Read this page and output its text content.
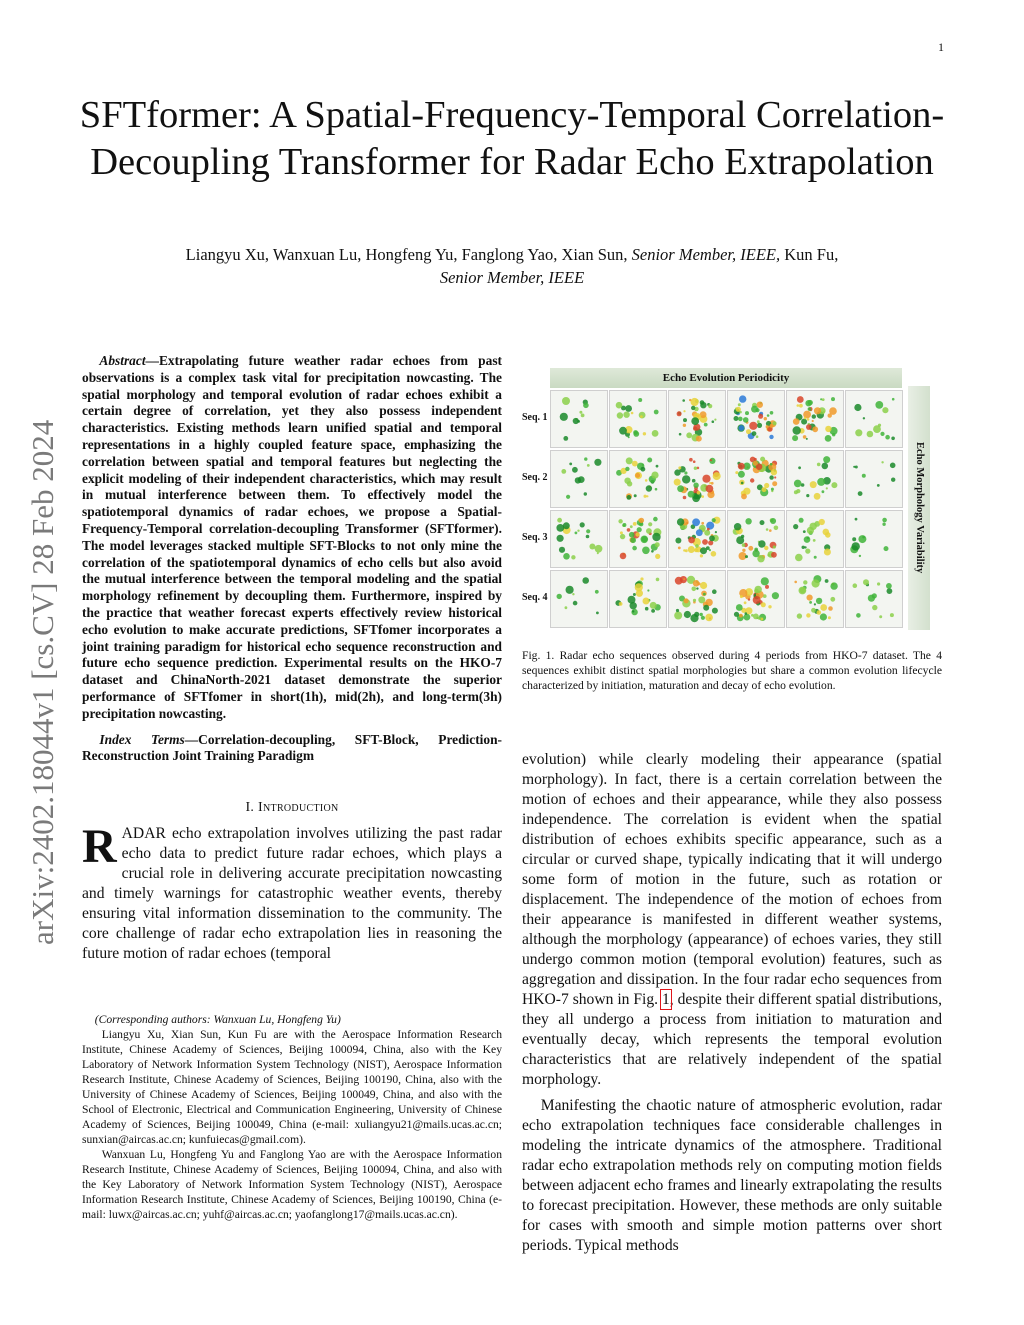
1
arXiv:2402.18044v1 [cs.CV] 28 Feb 2024
SFTformer: A Spatial-Frequency-Temporal Correlation-Decoupling Transformer for Radar Echo Extrapolation
Liangyu Xu, Wanxuan Lu, Hongfeng Yu, Fanglong Yao, Xian Sun, Senior Member, IEEE, Kun Fu,
Senior Member, IEEE

Abstract—Extrapolating future weather radar echoes from past observations is a complex task vital for precipitation nowcasting. The spatial morphology and temporal evolution of radar echoes exhibit a certain degree of correlation, yet they also possess independent characteristics. Existing methods learn unified spatial and temporal representations in a highly coupled feature space, emphasizing the correlation between spatial and temporal features but neglecting the explicit modeling of their independent characteristics, which may result in mutual interference between them. To effectively model the spatiotemporal dynamics of radar echoes, we propose a Spatial-Frequency-Temporal correlation-decoupling Transformer (SFTformer). The model leverages stacked multiple SFT-Blocks to not only mine the correlation of the spatiotemporal dynamics of echo cells but also avoid the mutual interference between the temporal modeling and the spatial morphology refinement by decoupling them. Furthermore, inspired by the practice that weather forecast experts effectively review historical echo evolution to make accurate predictions, SFTfomer incorporates a joint training paradigm for historical echo sequence reconstruction and future echo sequence prediction. Experimental results on the HKO-7 dataset and ChinaNorth-2021 dataset demonstrate the superior performance of SFTfomer in short(1h), mid(2h), and long-term(3h) precipitation nowcasting.

Index Terms—Correlation-decoupling, SFT-Block, Prediction-Reconstruction Joint Training Paradigm

I. Introduction

RADAR echo extrapolation involves utilizing the past radar echo data to predict future radar echoes, which plays a crucial role in delivering accurate precipitation nowcasting and timely warnings for catastrophic weather events, thereby ensuring vital information dissemination to the community. The core challenge of radar echo extrapolation lies in reasoning the future motion of radar echoes (temporal

(Corresponding authors: Wanxuan Lu, Hongfeng Yu)

Liangyu Xu, Xian Sun, Kun Fu are with the Aerospace Information Research Institute, Chinese Academy of Sciences, Beijing 100094, China, also with the Key Laboratory of Network Information System Technology (NIST), Aerospace Information Research Institute, Chinese Academy of Sciences, Beijing 100190, China, also with the University of Chinese Academy of Sciences, Beijing 100049, China, and also with the School of Electronic, Electrical and Communication Engineering, University of Chinese Academy of Sciences, Beijing 100049, China (e-mail: xuliangyu21@mails.ucas.ac.cn; sunxian@aircas.ac.cn; kunfuiecas@gmail.com).

Wanxuan Lu, Hongfeng Yu and Fanglong Yao are with the Aerospace Information Research Institute, Chinese Academy of Sciences, Beijing 100094, China, and also with the Key Laboratory of Network Information System Technology (NIST), Aerospace Information Research Institute, Chinese Academy of Sciences, Beijing 100190, China (e-mail: luwx@aircas.ac.cn; yuhf@aircas.ac.cn; yaofanglong17@mails.ucas.ac.cn).

Echo Evolution Periodicity
Echo Morphology Variability
Seq. 1
Seq. 2
Seq. 3
Seq. 4

Fig. 1. Radar echo sequences observed during 4 periods from HKO-7 dataset. The 4 sequences exhibit distinct spatial morphologies but share a common evolution lifecycle characterized by initiation, maturation and decay of echo evolution.

evolution) while clearly modeling their appearance (spatial morphology). In fact, there is a certain correlation between the motion of echoes and their appearance, while they also possess independence. The correlation is evident when the spatial distribution of echoes exhibits specific appearance, such as a circular or curved shape, typically indicating that it will undergo some form of motion in the future, such as rotation or displacement. The independence of the motion of echoes from their appearance is manifested in different weather systems, although the morphology (appearance) of echoes varies, they still undergo common motion (temporal evolution) features, such as aggregation and dissipation. In the four radar echo sequences from HKO-7 shown in Fig. 1, despite their different spatial distributions, they all undergo a process from initiation to maturation and eventually decay, which represents the temporal evolution characteristics that are relatively independent of the spatial morphology.

Manifesting the chaotic nature of atmospheric evolution, radar echo extrapolation techniques face considerable challenges in modeling the intricate dynamics of the atmosphere. Traditional radar echo extrapolation methods rely on computing motion fields between adjacent echo frames and linearly extrapolating the results to forecast precipitation. However, these methods are only suitable for cases with smooth and simple motion patterns over short periods. Typical methods
